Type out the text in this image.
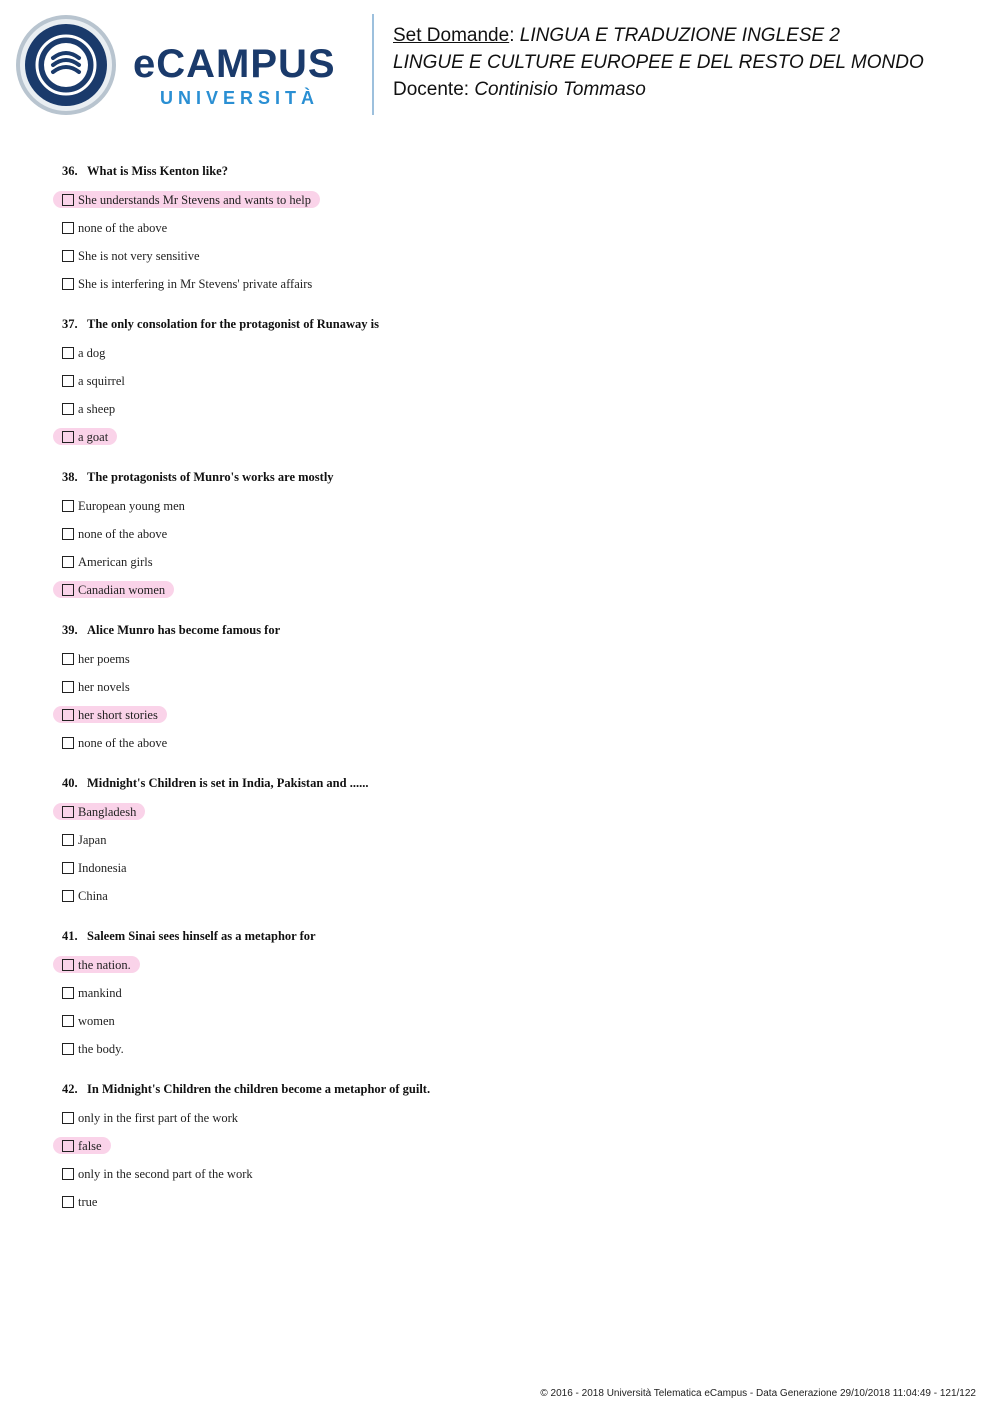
eCAMPUS
UNIVERSITÀ
Set Domande: LINGUA E TRADUZIONE INGLESE 2
LINGUE E CULTURE EUROPEE E DEL RESTO DEL MONDO
Docente: Continisio Tommaso
36. What is Miss Kenton like?
She understands Mr Stevens and wants to help
none of the above
She is not very sensitive
She is interfering in Mr Stevens' private affairs
37. The only consolation for the protagonist of Runaway is
a dog
a squirrel
a sheep
a goat
38. The protagonists of Munro's works are mostly
European young men
none of the above
American girls
Canadian women
39. Alice Munro has become famous for
her poems
her novels
her short stories
none of the above
40. Midnight's Children is set in India, Pakistan and ......
Bangladesh
Japan
Indonesia
China
41. Saleem Sinai sees hinself as a metaphor for
the nation.
mankind
women
the body.
42. In Midnight's Children the children become a metaphor of guilt.
only in the first part of the work
false
only in the second part of the work
true
© 2016 - 2018 Università Telematica eCampus - Data Generazione 29/10/2018 11:04:49 - 121/122
